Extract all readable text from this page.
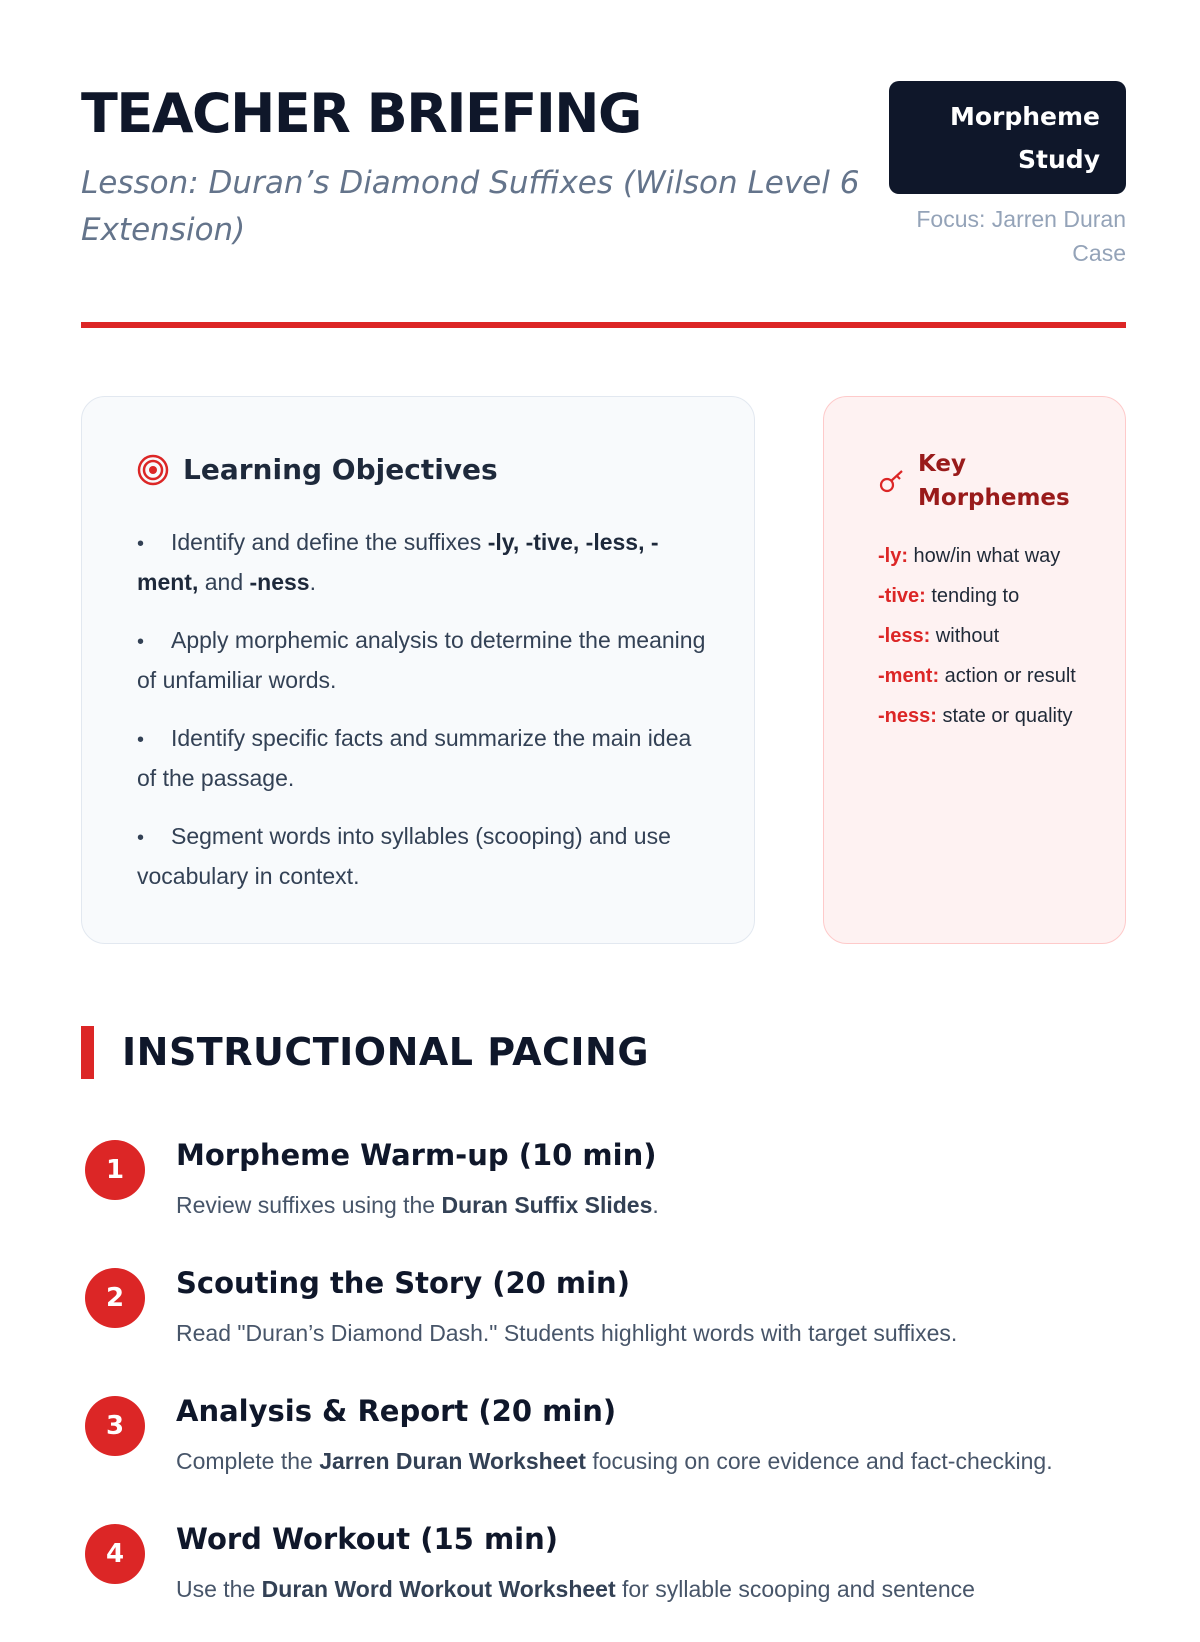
TEACHER BRIEFING

Lesson: Duran’s Diamond Suffixes (Wilson Level 6 Extension)

Morpheme
Study
Focus: Jarren Duran Case
Learning Objectives
• Identify and define the suffixes -ly, -tive, -less, -ment, and -ness.
• Apply morphemic analysis to determine the meaning of unfamiliar words.
• Identify specific facts and summarize the main idea of the passage.
• Segment words into syllables (scooping) and use vocabulary in context.
Key Morphemes
-ly: how/in what way
-tive: tending to
-less: without
-ment: action or result
-ness: state or quality
INSTRUCTIONAL PACING
1	Morpheme Warm-up (10 min)
Review suffixes using the Duran Suffix Slides.
2	Scouting the Story (20 min)
Read "Duran’s Diamond Dash." Students highlight words with target suffixes.
3	Analysis & Report (20 min)
Complete the Jarren Duran Worksheet focusing on core evidence and fact-checking.
4	Word Workout (15 min)
Use the Duran Word Workout Worksheet for syllable scooping and sentence
